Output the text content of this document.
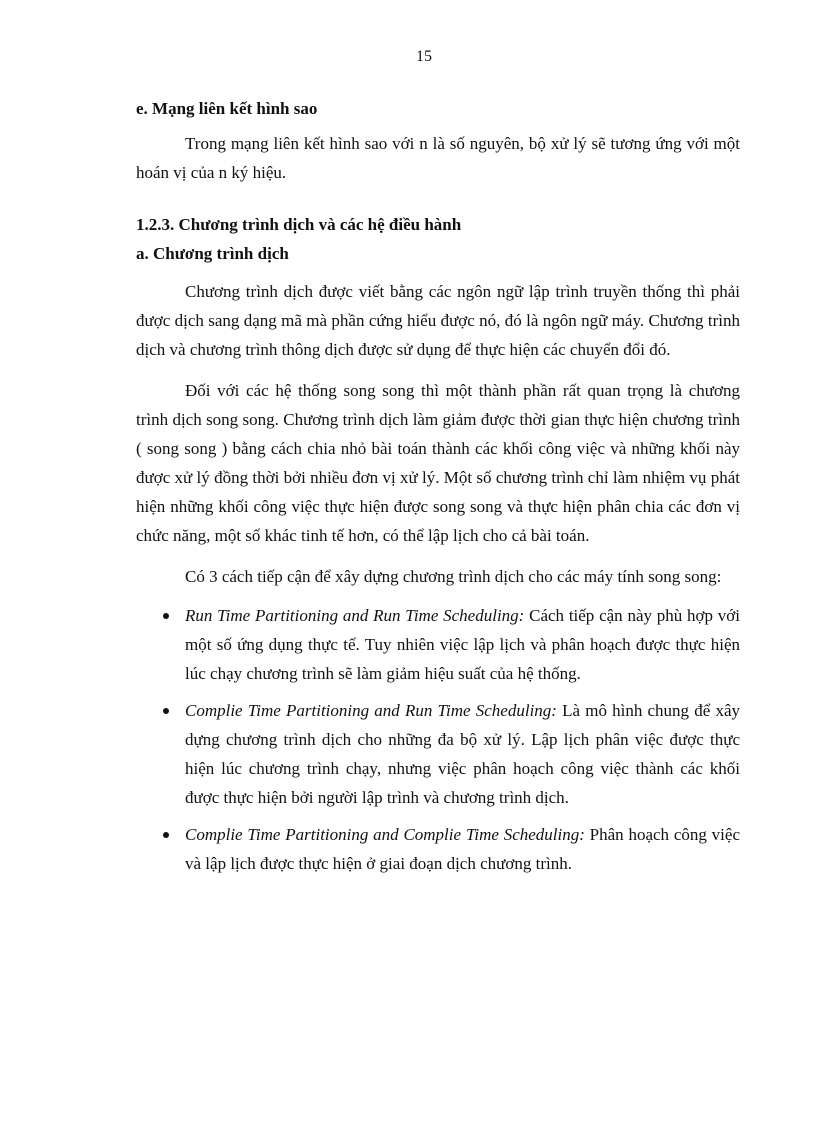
15

e. Mạng liên kết hình sao

Trong mạng liên kết hình sao với n là số nguyên, bộ xử lý sẽ tương ứng với một hoán vị của n ký hiệu.

1.2.3. Chương trình dịch và các hệ điều hành

a. Chương trình dịch

Chương trình dịch được viết bằng các ngôn ngữ lập trình truyền thống thì phải được dịch sang dạng mã mà phần cứng hiểu được nó, đó là ngôn ngữ máy. Chương trình dịch và chương trình thông dịch được sử dụng để thực hiện các chuyển đổi đó.

Đối với các hệ thống song song thì một thành phần rất quan trọng là chương trình dịch song song. Chương trình dịch làm giảm được thời gian thực hiện chương trình ( song song ) bằng cách chia nhỏ bài toán thành các khối công việc và những khối này được xử lý đồng thời bởi nhiều đơn vị xử lý. Một số chương trình chỉ làm nhiệm vụ phát hiện những khối công việc thực hiện được song song và thực hiện phân chia các đơn vị chức năng, một số khác tinh tế hơn, có thể lập lịch cho cả bài toán.

Có 3 cách tiếp cận để xây dựng chương trình dịch cho các máy tính song song:

Run Time Partitioning and Run Time Scheduling: Cách tiếp cận này phù hợp với một số ứng dụng thực tế. Tuy nhiên việc lập lịch và phân hoạch được thực hiện lúc chạy chương trình sẽ làm giảm hiệu suất của hệ thống.
Complie Time Partitioning and Run Time Scheduling: Là mô hình chung để xây dựng chương trình dịch cho những đa bộ xử lý. Lập lịch phân việc được thực hiện lúc chương trình chạy, nhưng việc phân hoạch công việc thành các khối được thực hiện bởi người lập trình và chương trình dịch.
Complie Time Partitioning and Complie Time Scheduling: Phân hoạch công việc và lập lịch được thực hiện ở giai đoạn dịch chương trình.
